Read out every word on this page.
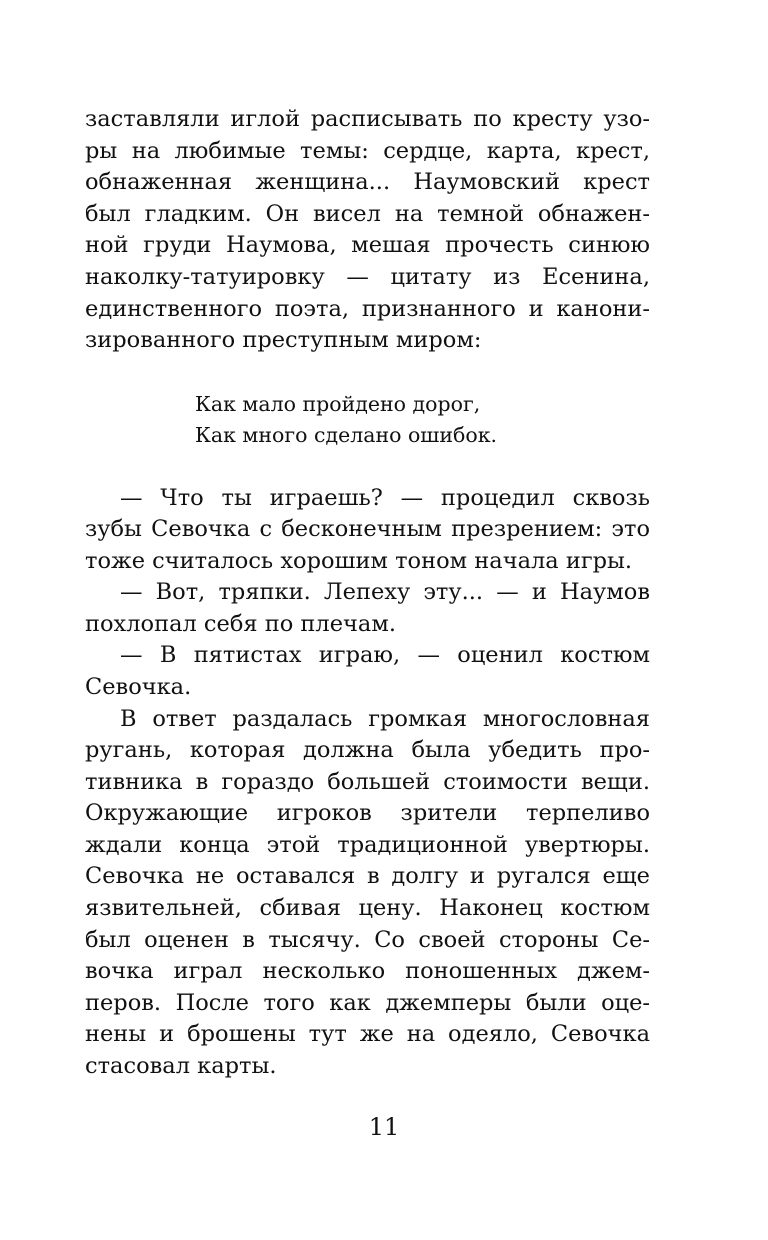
заставляли иглой расписывать по кресту узо-
ры на любимые темы: сердце, карта, крест,
обнаженная женщина... Наумовский крест
был гладким. Он висел на темной обнажен-
ной груди Наумова, мешая прочесть синюю
наколку-татуировку — цитату из Есенина,
единственного поэта, признанного и канони-
зированного преступным миром:
Как мало пройдено дорог,
Как много сделано ошибок.
— Что ты играешь? — процедил сквозь
зубы Севочка с бесконечным презрением: это
тоже считалось хорошим тоном начала игры.
— Вот, тряпки. Лепеху эту... — и Наумов
похлопал себя по плечам.
— В пятистах играю, — оценил костюм
Севочка.
В ответ раздалась громкая многословная
ругань, которая должна была убедить про-
тивника в гораздо большей стоимости вещи.
Окружающие игроков зрители терпеливо
ждали конца этой традиционной увертюры.
Севочка не оставался в долгу и ругался еще
язвительней, сбивая цену. Наконец костюм
был оценен в тысячу. Со своей стороны Се-
вочка играл несколько поношенных джем-
перов. После того как джемперы были оце-
нены и брошены тут же на одеяло, Севочка
стасовал карты.
11
